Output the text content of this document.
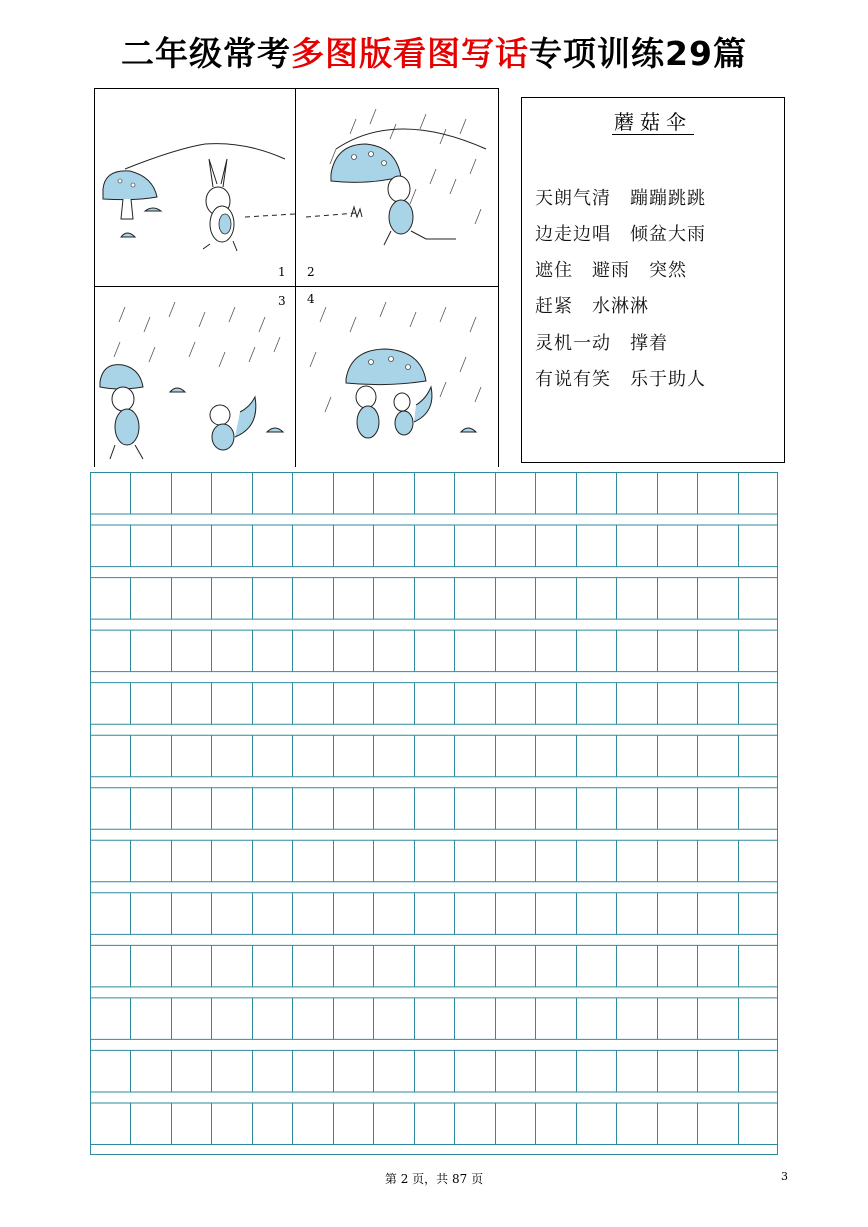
二年级常考多图版看图写话专项训练29篇
1 2
3 4
蘑菇伞
天朗气清　蹦蹦跳跳
边走边唱　倾盆大雨
遮住　避雨　突然
赶紧　水淋淋
灵机一动　撑着
有说有笑　乐于助人
第 2 页，共 87 页	3
